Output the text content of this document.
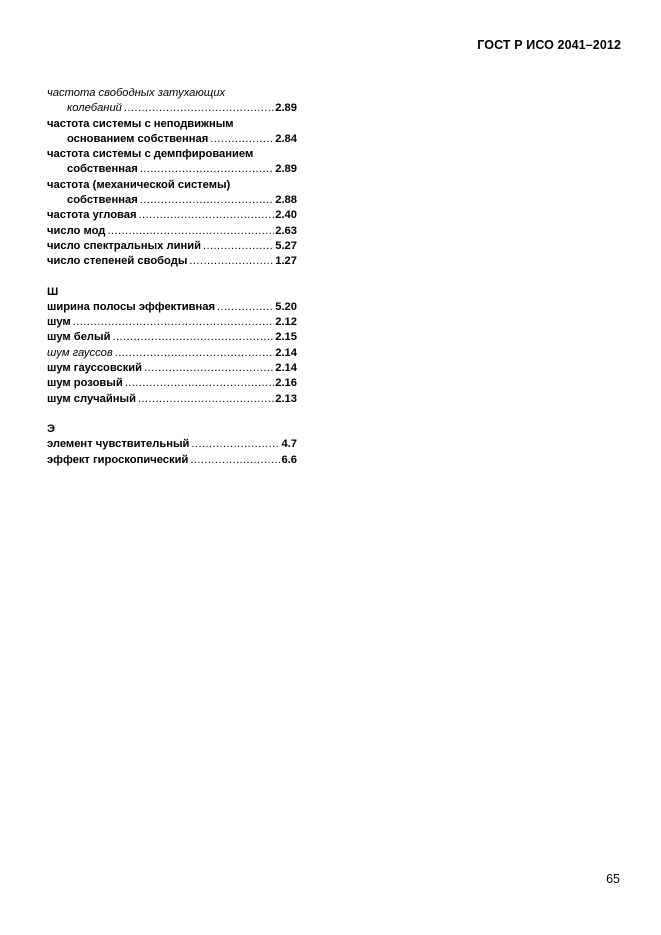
ГОСТ Р ИСО 2041–2012
частота свободных затухающих
колебаний .....	2.89
частота системы с неподвижным
основанием собственная .....	2.84
частота системы с демпфированием
собственная .....	2.89
частота (механической системы)
собственная .....	2.88
частота угловая .....	2.40
число мод .....	2.63
число спектральных линий .....	5.27
число степеней свободы .....	1.27
Ш
ширина полосы эффективная .....	5.20
шум .....	2.12
шум белый .....	2.15
шум гауссов .....	2.14
шум гауссовский .....	2.14
шум розовый .....	2.16
шум случайный .....	2.13
Э
элемент чувствительный .....	4.7
эффект гироскопический .....	6.6
65
